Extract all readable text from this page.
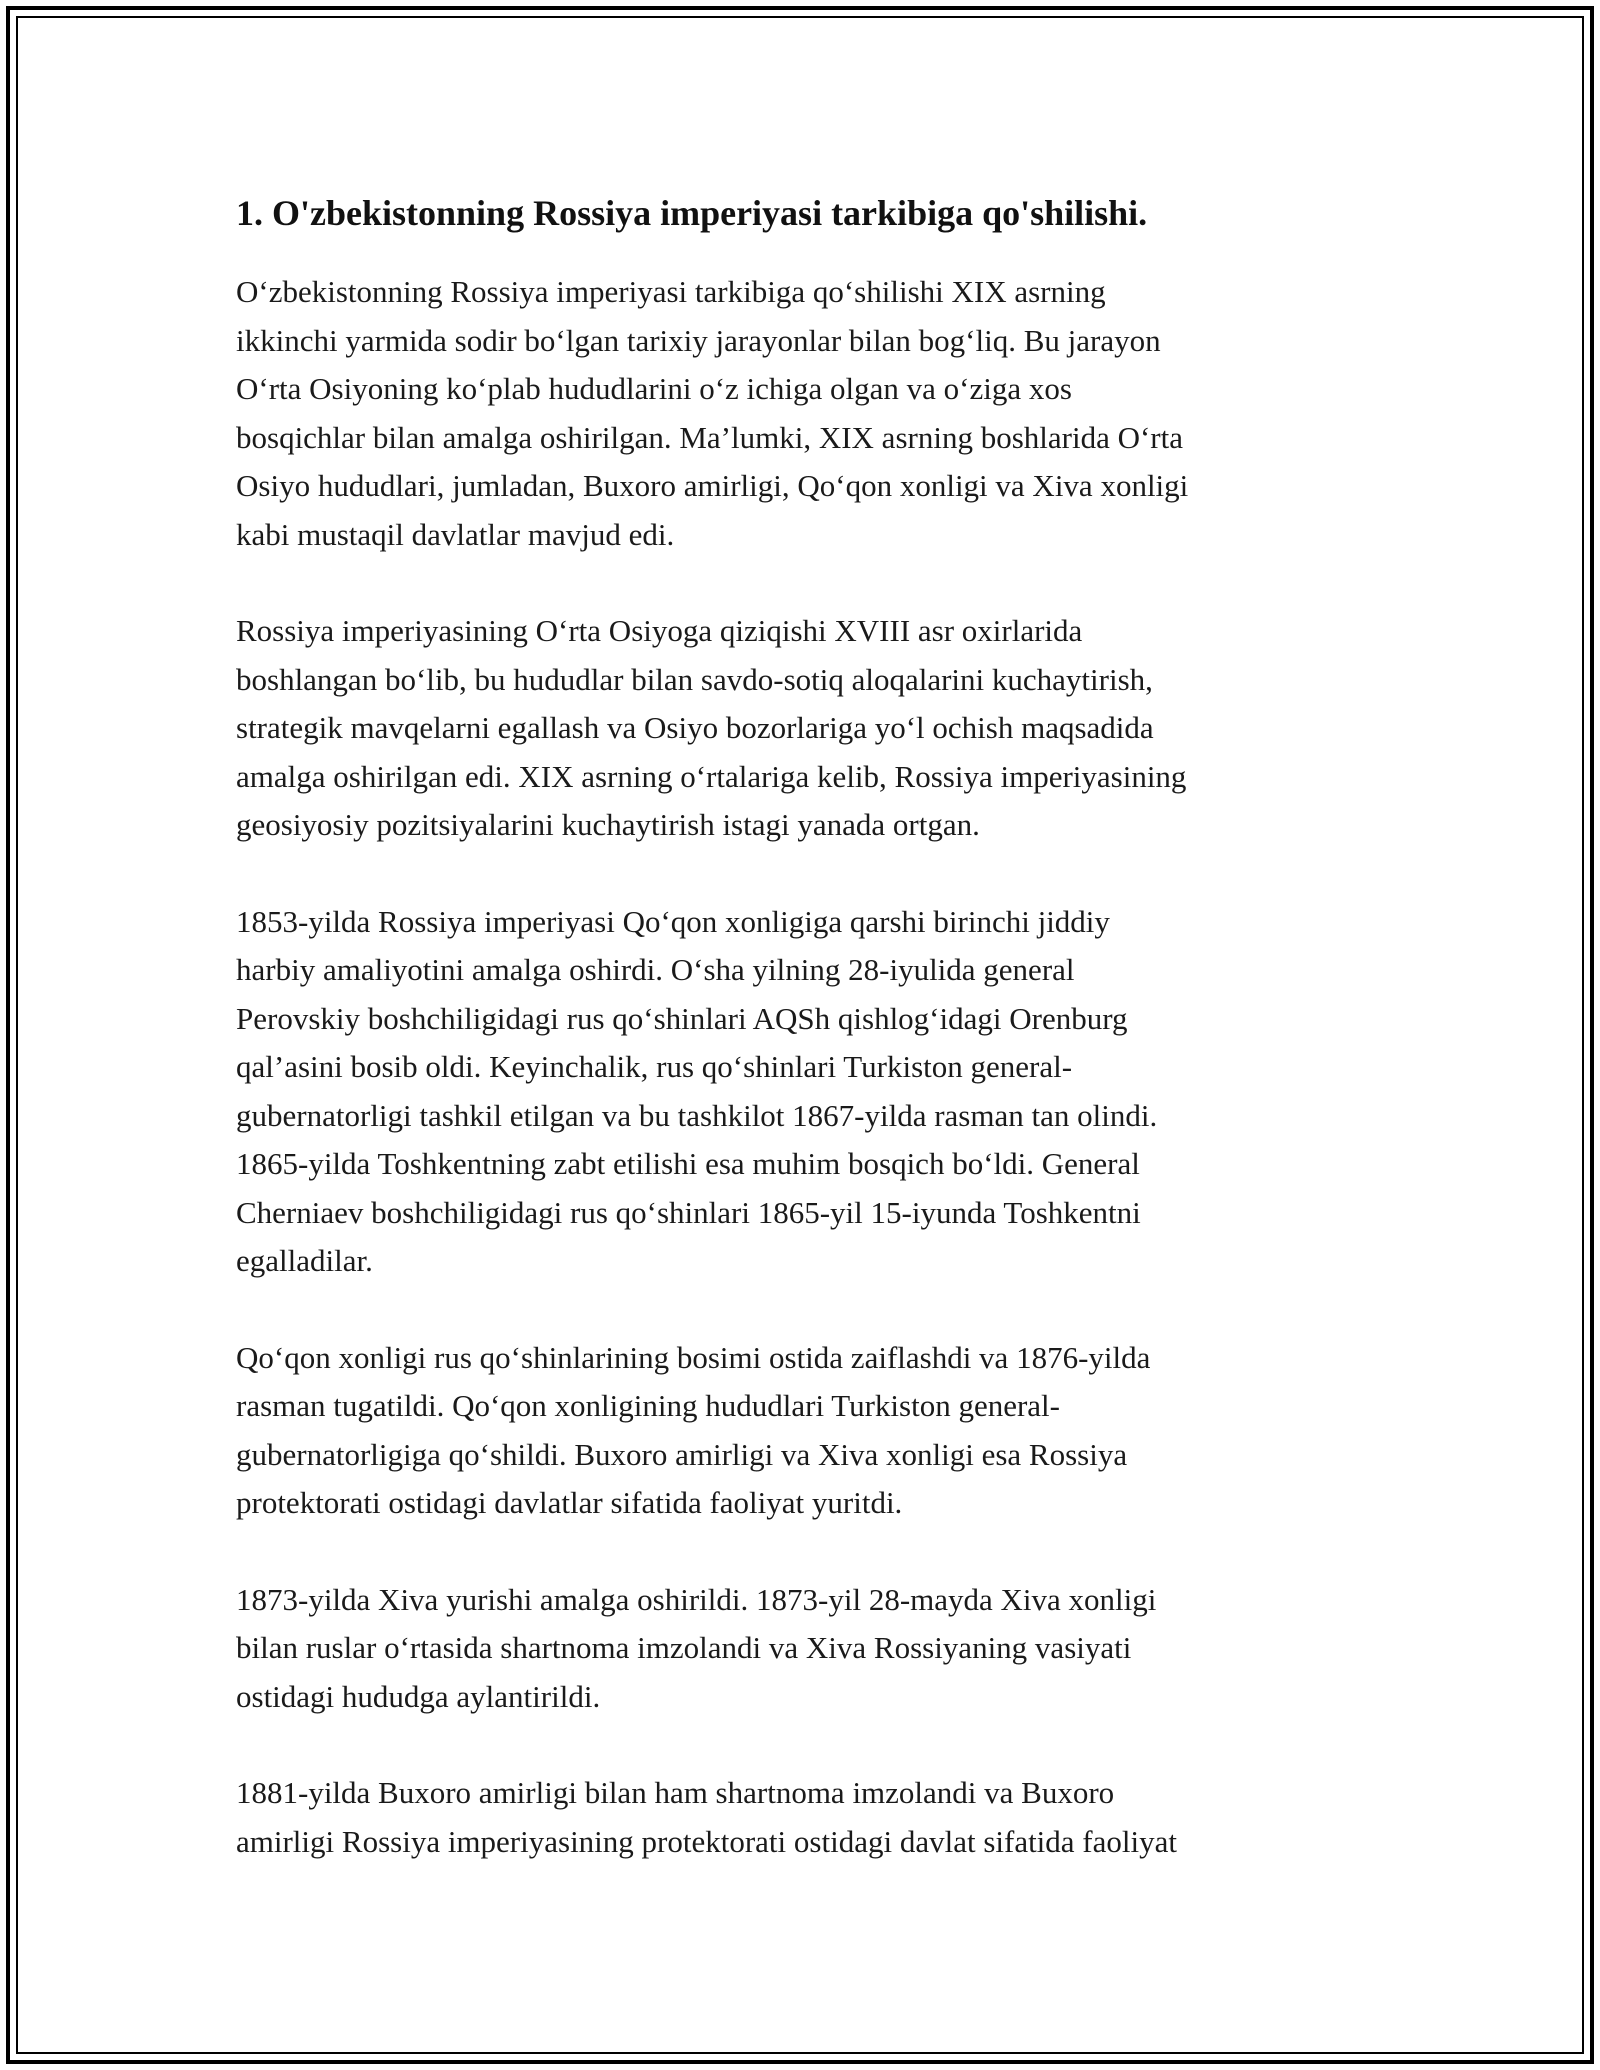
1. O'zbekistonning Rossiya imperiyasi tarkibiga qo'shilishi.

O‘zbekistonning Rossiya imperiyasi tarkibiga qo‘shilishi XIX asrning
ikkinchi yarmida sodir bo‘lgan tarixiy jarayonlar bilan bog‘liq. Bu jarayon
O‘rta Osiyoning ko‘plab hududlarini o‘z ichiga olgan va o‘ziga xos
bosqichlar bilan amalga oshirilgan. Ma’lumki, XIX asrning boshlarida O‘rta
Osiyo hududlari, jumladan, Buxoro amirligi, Qo‘qon xonligi va Xiva xonligi
kabi mustaqil davlatlar mavjud edi.

Rossiya imperiyasining O‘rta Osiyoga qiziqishi XVIII asr oxirlarida
boshlangan bo‘lib, bu hududlar bilan savdo-sotiq aloqalarini kuchaytirish,
strategik mavqelarni egallash va Osiyo bozorlariga yo‘l ochish maqsadida
amalga oshirilgan edi. XIX asrning o‘rtalariga kelib, Rossiya imperiyasining
geosiyosiy pozitsiyalarini kuchaytirish istagi yanada ortgan.

1853-yilda Rossiya imperiyasi Qo‘qon xonligiga qarshi birinchi jiddiy
harbiy amaliyotini amalga oshirdi. O‘sha yilning 28-iyulida general
Perovskiy boshchiligidagi rus qo‘shinlari AQSh qishlog‘idagi Orenburg
qal’asini bosib oldi. Keyinchalik, rus qo‘shinlari Turkiston general-
gubernatorligi tashkil etilgan va bu tashkilot 1867-yilda rasman tan olindi.
1865-yilda Toshkentning zabt etilishi esa muhim bosqich bo‘ldi. General
Cherniaev boshchiligidagi rus qo‘shinlari 1865-yil 15-iyunda Toshkentni
egalladilar.

Qo‘qon xonligi rus qo‘shinlarining bosimi ostida zaiflashdi va 1876-yilda
rasman tugatildi. Qo‘qon xonligining hududlari Turkiston general-
gubernatorligiga qo‘shildi. Buxoro amirligi va Xiva xonligi esa Rossiya
protektorati ostidagi davlatlar sifatida faoliyat yuritdi.

1873-yilda Xiva yurishi amalga oshirildi. 1873-yil 28-mayda Xiva xonligi
bilan ruslar o‘rtasida shartnoma imzolandi va Xiva Rossiyaning vasiyati
ostidagi hududga aylantirildi.

1881-yilda Buxoro amirligi bilan ham shartnoma imzolandi va Buxoro
amirligi Rossiya imperiyasining protektorati ostidagi davlat sifatida faoliyat
